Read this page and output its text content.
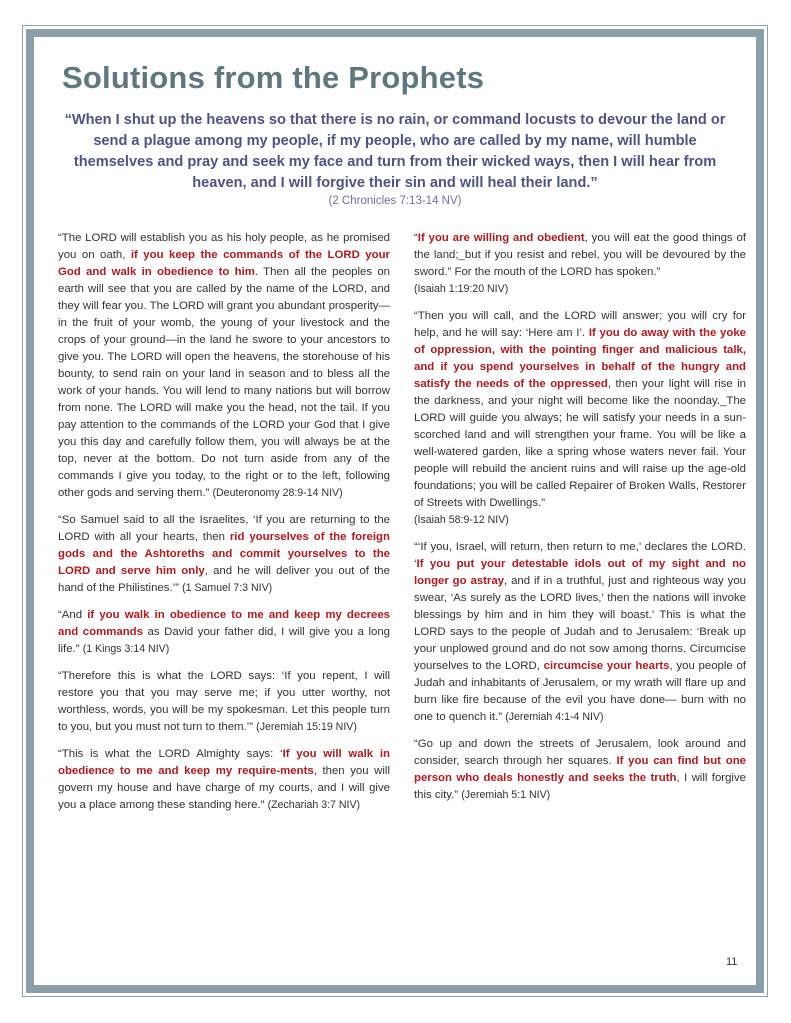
Solutions from the Prophets

“When I shut up the heavens so that there is no rain, or command locusts to devour the land or send a plague among my people, if my people, who are called by my name, will humble themselves and pray and seek my face and turn from their wicked ways, then I will hear from heaven, and I will forgive their sin and will heal their land.”

(2 Chronicles 7:13-14 NV)

“The LORD will establish you as his holy people, as he promised you on oath, if you keep the commands of the LORD your God and walk in obedience to him. Then all the peoples on earth will see that you are called by the name of the LORD, and they will fear you. The LORD will grant you abundant prosperity—in the fruit of your womb, the young of your livestock and the crops of your ground—in the land he swore to your ancestors to give you. The LORD will open the heavens, the storehouse of his bounty, to send rain on your land in season and to bless all the work of your hands. You will lend to many nations but will borrow from none. The LORD will make you the head, not the tail. If you pay attention to the commands of the LORD your God that I give you this day and carefully follow them, you will always be at the top, never at the bottom. Do not turn aside from any of the commands I give you today, to the right or to the left, following other gods and serving them.” (Deuteronomy 28:9-14 NIV)

“So Samuel said to all the Israelites, ‘If you are returning to the LORD with all your hearts, then rid yourselves of the foreign gods and the Ashtoreths and commit yourselves to the LORD and serve him only, and he will deliver you out of the hand of the Philistines.’” (1 Samuel 7:3 NIV)

“And if you walk in obedience to me and keep my decrees and commands as David your father did, I will give you a long life.” (1 Kings 3:14 NIV)

“Therefore this is what the LORD says: ‘If you repent, I will restore you that you may serve me; if you utter worthy, not worthless, words, you will be my spokesman. Let this people turn to you, but you must not turn to them.’” (Jeremiah 15:19 NIV)

“This is what the LORD Almighty says: ‘If you will walk in obedience to me and keep my require-ments, then you will govern my house and have charge of my courts, and I will give you a place among these standing here.” (Zechariah 3:7 NIV)

“If you are willing and obedient, you will eat the good things of the land;_but if you resist and rebel, you will be devoured by the sword.” For the mouth of the LORD has spoken.”
(Isaiah 1:19:20 NIV)

“Then you will call, and the LORD will answer; you will cry for help, and he will say: ‘Here am I’. If you do away with the yoke of oppression, with the pointing finger and malicious talk, and if you spend yourselves in behalf of the hungry and satisfy the needs of the oppressed, then your light will rise in the darkness, and your night will become like the noonday._The LORD will guide you always; he will satisfy your needs in a sun-scorched land and will strengthen your frame. You will be like a well-watered garden, like a spring whose waters never fail. Your people will rebuild the ancient ruins and will raise up the age-old foundations; you will be called Repairer of Broken Walls, Restorer of Streets with Dwellings.”
(Isaiah 58:9-12 NIV)

“‘If you, Israel, will return, then return to me,’ declares the LORD. ‘If you put your detestable idols out of my sight and no longer go astray, and if in a truthful, just and righteous way you swear, ‘As surely as the LORD lives,’ then the nations will invoke blessings by him and in him they will boast.’ This is what the LORD says to the people of Judah and to Jerusalem: ‘Break up your unplowed ground and do not sow among thorns. Circumcise yourselves to the LORD, circumcise your hearts, you people of Judah and inhabitants of Jerusalem, or my wrath will flare up and burn like fire because of the evil you have done— burn with no one to quench it.” (Jeremiah 4:1-4 NIV)

“Go up and down the streets of Jerusalem, look around and consider, search through her squares. If you can find but one person who deals honestly and seeks the truth, I will forgive this city.” (Jeremiah 5:1 NIV)

11
